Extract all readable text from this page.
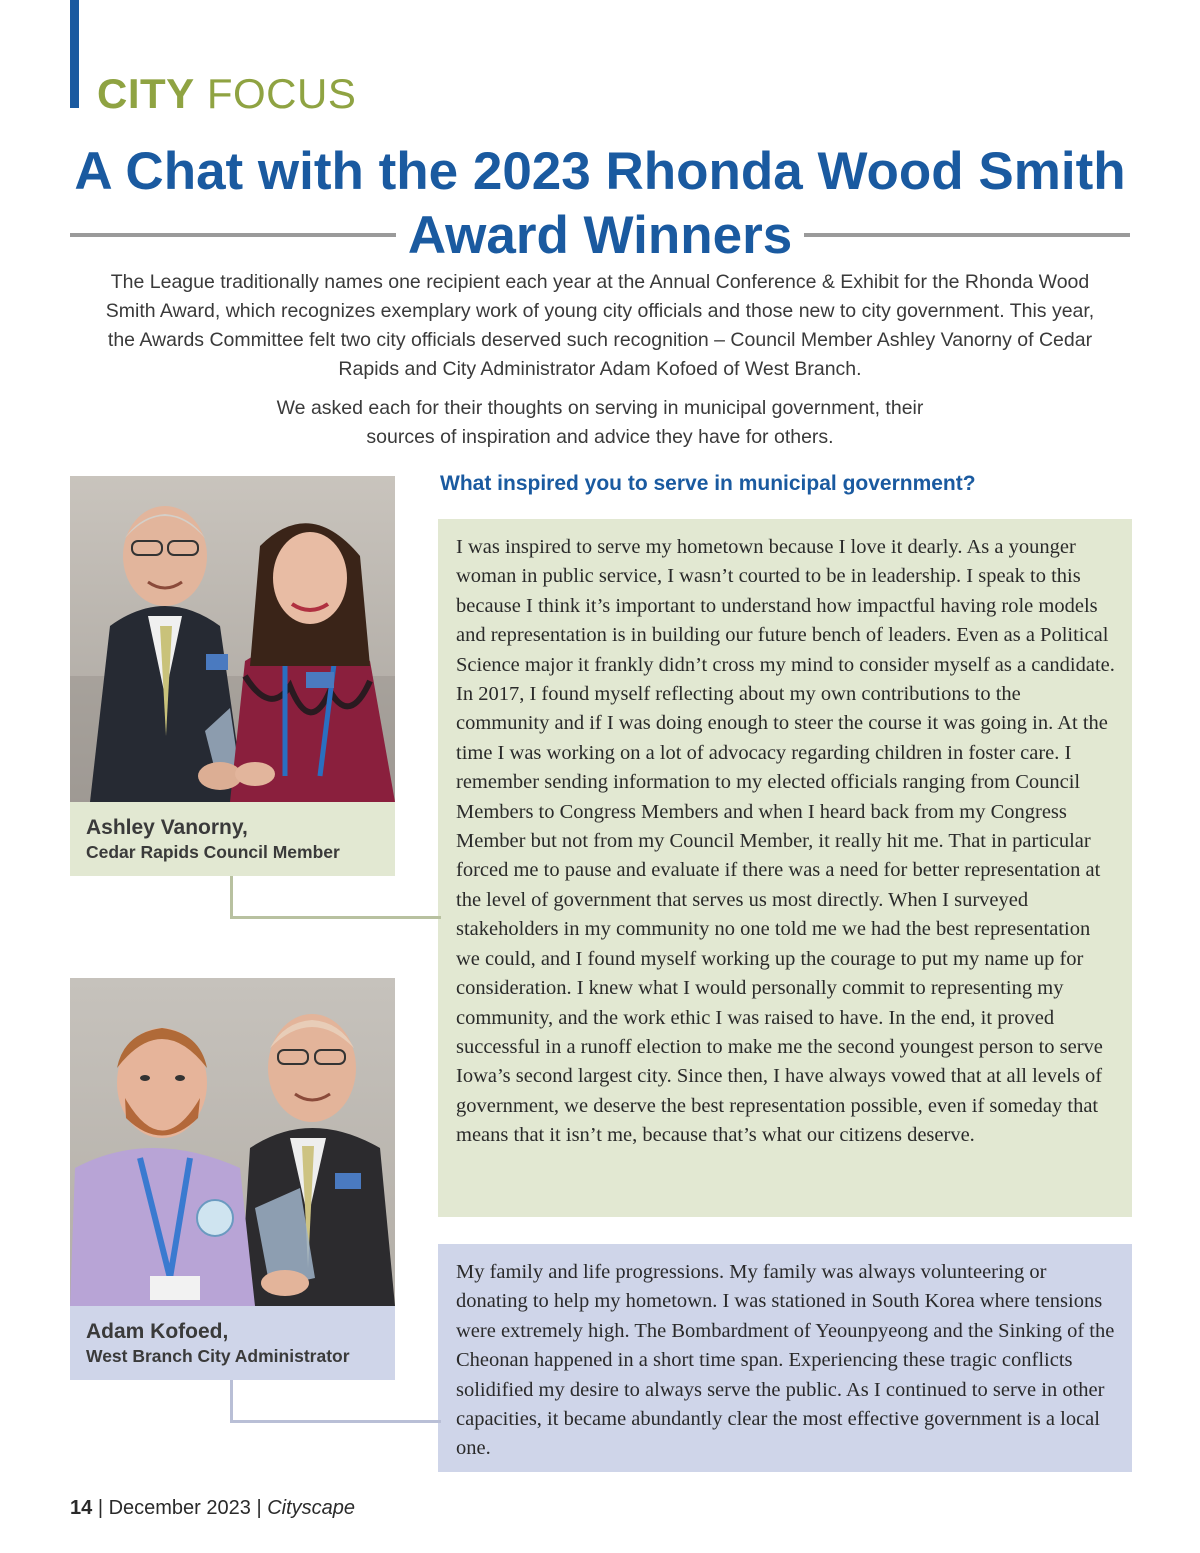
CITY FOCUS
A Chat with the 2023 Rhonda Wood Smith
Award Winners
The League traditionally names one recipient each year at the Annual Conference & Exhibit for the Rhonda Wood Smith Award, which recognizes exemplary work of young city officials and those new to city government. This year, the Awards Committee felt two city officials deserved such recognition – Council Member Ashley Vanorny of Cedar Rapids and City Administrator Adam Kofoed of West Branch.
We asked each for their thoughts on serving in municipal government, their sources of inspiration and advice they have for others.
What inspired you to serve in municipal government?
I was inspired to serve my hometown because I love it dearly. As a younger woman in public service, I wasn’t courted to be in leadership. I speak to this because I think it’s important to understand how impactful having role models and representation is in building our future bench of leaders. Even as a Political Science major it frankly didn’t cross my mind to consider myself as a candidate. In 2017, I found myself reflecting about my own contributions to the community and if I was doing enough to steer the course it was going in. At the time I was working on a lot of advocacy regarding children in foster care. I remember sending information to my elected officials ranging from Council Members to Congress Members and when I heard back from my Congress Member but not from my Council Member, it really hit me. That in particular forced me to pause and evaluate if there was a need for better representation at the level of government that serves us most directly. When I surveyed stakeholders in my community no one told me we had the best representation we could, and I found myself working up the courage to put my name up for consideration. I knew what I would personally commit to representing my community, and the work ethic I was raised to have. In the end, it proved successful in a runoff election to make me the second youngest person to serve Iowa’s second largest city. Since then, I have always vowed that at all levels of government, we deserve the best representation possible, even if someday that means that it isn’t me, because that’s what our citizens deserve.
My family and life progressions. My family was always volunteering or donating to help my hometown. I was stationed in South Korea where tensions were extremely high. The Bombardment of Yeounpyeong and the Sinking of the Cheonan happened in a short time span. Experiencing these tragic conflicts solidified my desire to always serve the public. As I continued to serve in other capacities, it became abundantly clear the most effective government is a local one.
Ashley Vanorny,
Cedar Rapids Council Member
Adam Kofoed,
West Branch City Administrator
14 | December 2023 | Cityscape
